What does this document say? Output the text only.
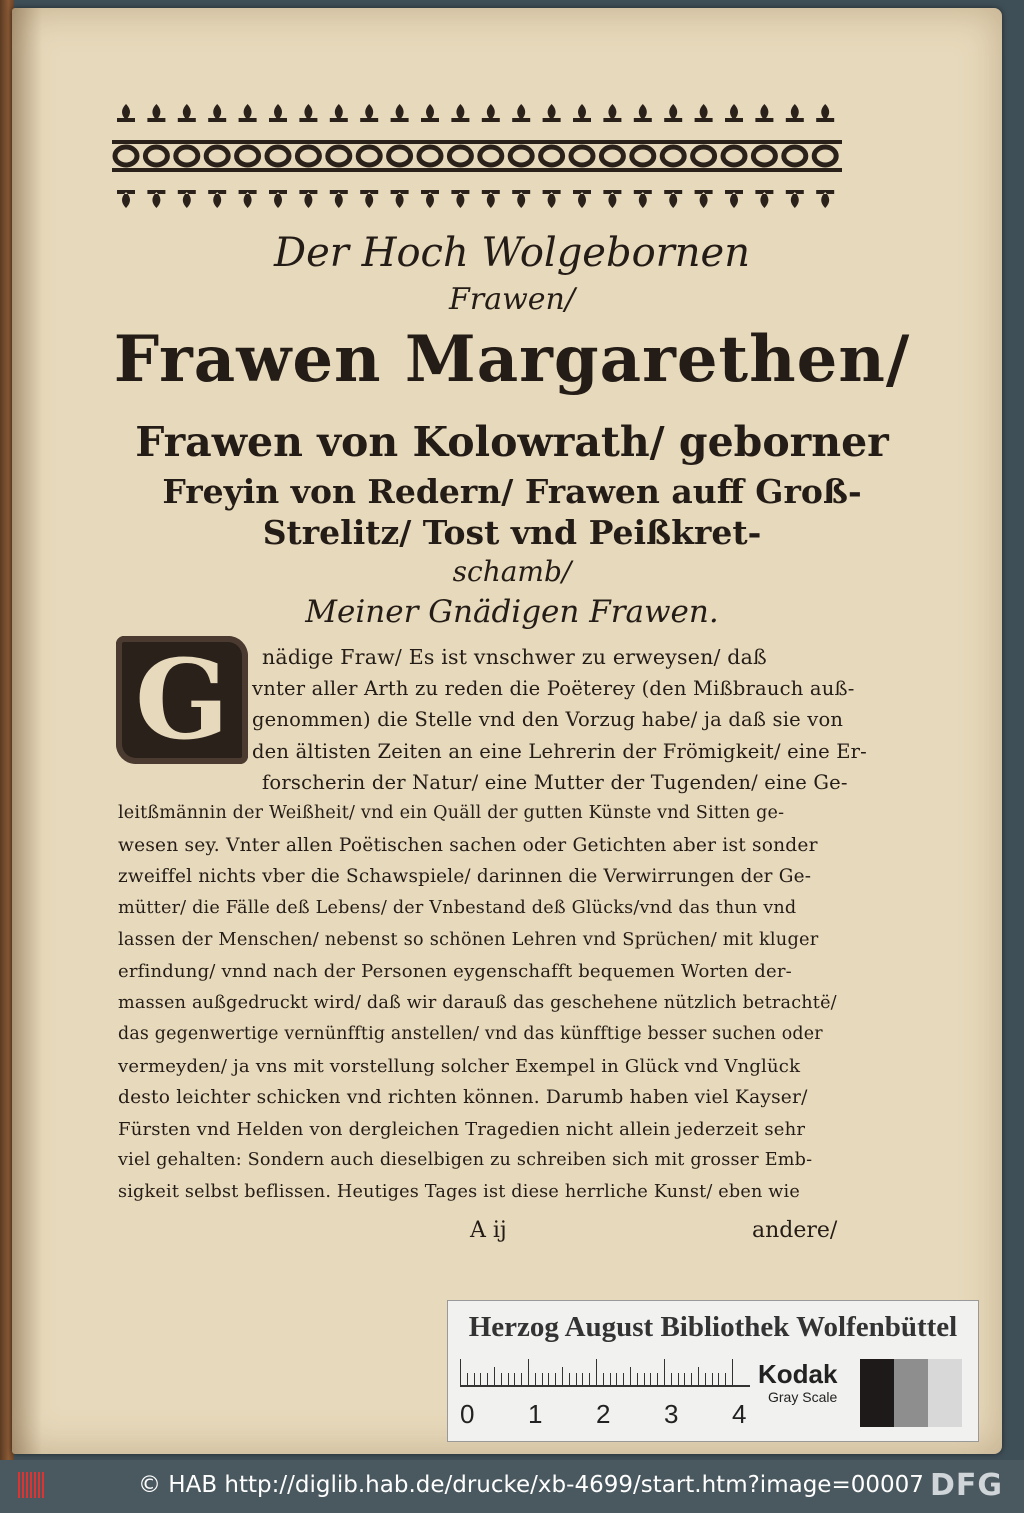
Der Hoch Wolgebornen
Frawen/
Frawen Margarethen/
Frawen von Kolowrath/ geborner
Freyin von Redern/ Frawen auff Groß-
Strelitz/ Tost vnd Peißkret-
schamb/
Meiner Gnädigen Frawen.
G	nädige Fraw/ Es ist vnschwer zu erweysen/ daß
vnter aller Arth zu reden die Poëterey (den Mißbrauch auß-
genommen) die Stelle vnd den Vorzug habe/ ja daß sie von
den ältisten Zeiten an eine Lehrerin der Frömigkeit/ eine Er-
forscherin der Natur/ eine Mutter der Tugenden/ eine Ge-
leitßmännin der Weißheit/ vnd ein Quäll der gutten Künste vnd Sitten ge-
wesen sey. Vnter allen Poëtischen sachen oder Getichten aber ist sonder
zweiffel nichts vber die Schawspiele/ darinnen die Verwirrungen der Ge-
mütter/ die Fälle deß Lebens/ der Vnbestand deß Glücks/vnd das thun vnd
lassen der Menschen/ nebenst so schönen Lehren vnd Sprüchen/ mit kluger
erfindung/ vnnd nach der Personen eygenschafft bequemen Worten der-
massen außgedruckt wird/ daß wir darauß das geschehene nützlich betrachtë/
das gegenwertige vernünfftig anstellen/ vnd das künfftige besser suchen oder
vermeyden/ ja vns mit vorstellung solcher Exempel in Glück vnd Vnglück
desto leichter schicken vnd richten können. Darumb haben viel Kayser/
Fürsten vnd Helden von dergleichen Tragedien nicht allein jederzeit sehr
viel gehalten: Sondern auch dieselbigen zu schreiben sich mit grosser Emb-
sigkeit selbst beflissen. Heutiges Tages ist diese herrliche Kunst/ eben wie
A ij	andere/
Herzog August Bibliothek Wolfenbüttel
0 1 2 3 4
Kodak
Gray Scale
© HAB http://diglib.hab.de/drucke/xb-4699/start.htm?image=00007 DFG
